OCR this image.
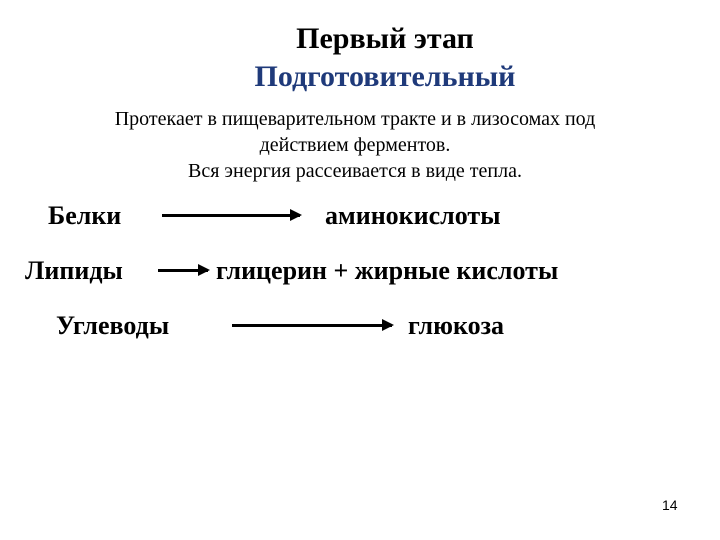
Первый этап
Подготовительный

Протекает в пищеварительном тракте и в лизосомах под
действием ферментов.
Вся энергия рассеивается в виде тепла.

Белки	аминокислоты
Липиды	глицерин + жирные кислоты
Углеводы	глюкоза
14
